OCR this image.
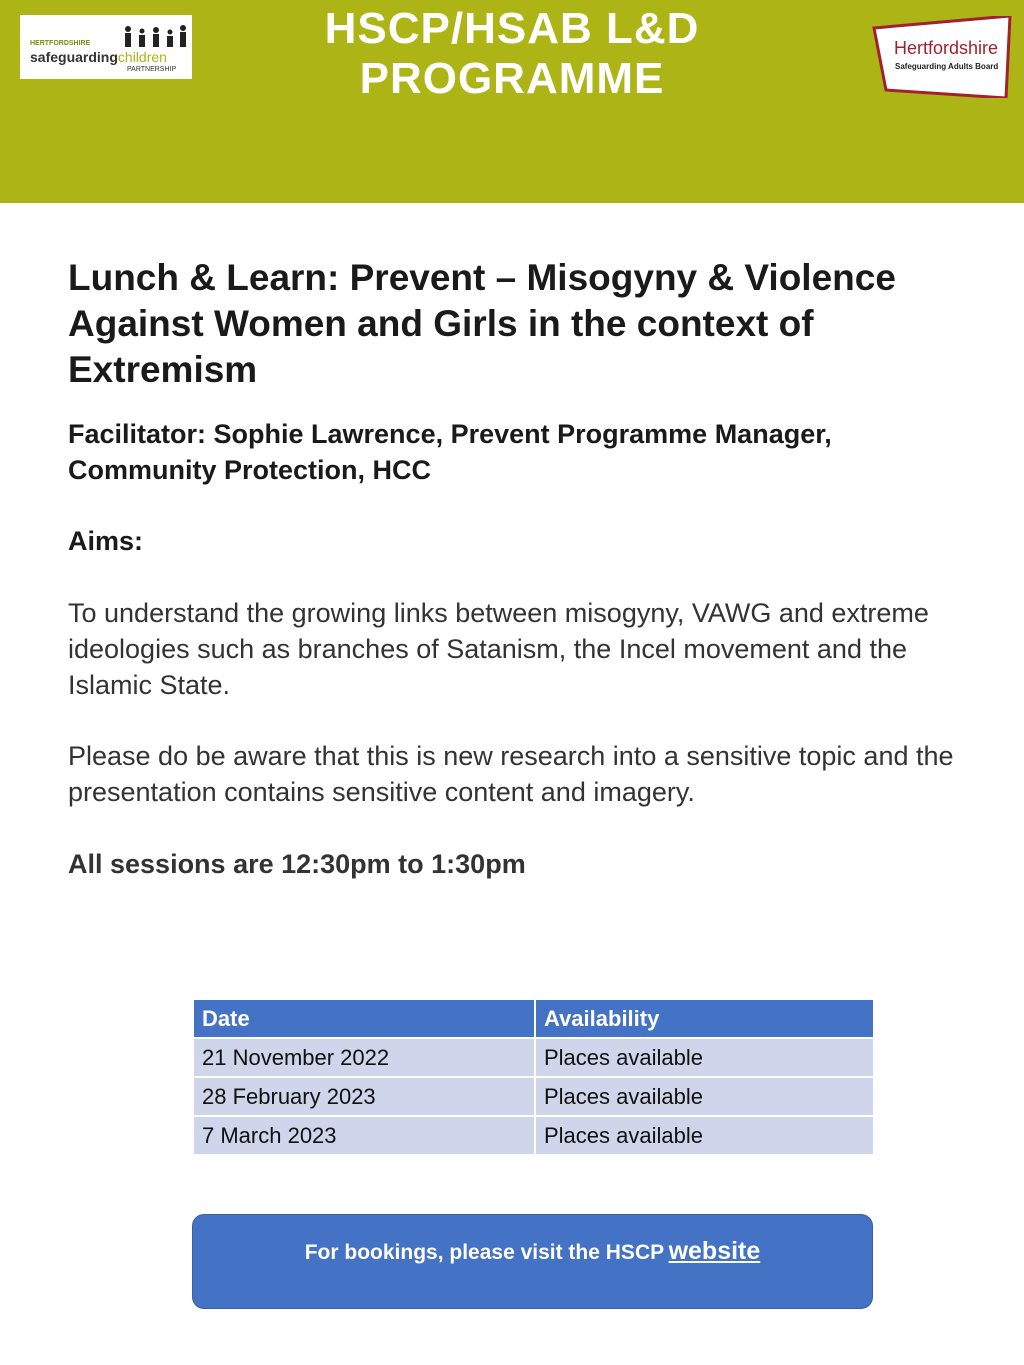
HERTFORDSHIRE
safeguardingchildren
PARTNERSHIP
HSCP/HSAB L&D
PROGRAMME
Hertfordshire
Safeguarding Adults Board
Lunch & Learn: Prevent – Misogyny & Violence Against Women and Girls in the context of Extremism
Facilitator: Sophie Lawrence, Prevent Programme Manager, Community Protection, HCC
Aims:
To understand the growing links between misogyny, VAWG and extreme ideologies such as branches of Satanism, the Incel movement and the Islamic State.
Please do be aware that this is new research into a sensitive topic and the presentation contains sensitive content and imagery.
All sessions are 12:30pm to 1:30pm
Date	Availability
21 November 2022	Places available
28 February 2023	Places available
7 March 2023	Places available
For bookings, please visit the HSCP website
